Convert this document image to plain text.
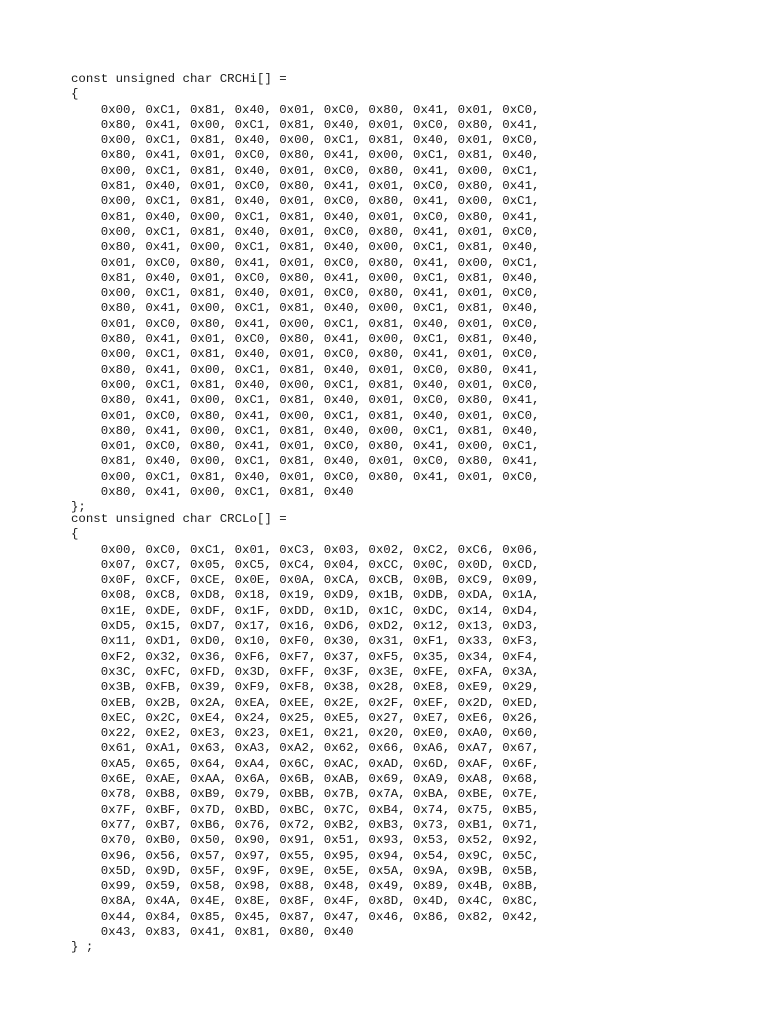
const unsigned char CRCHi[] =
{
0x00, 0xC1, 0x81, 0x40, 0x01, 0xC0, 0x80, 0x41, 0x01, 0xC0,
0x80, 0x41, 0x00, 0xC1, 0x81, 0x40, 0x01, 0xC0, 0x80, 0x41,
0x00, 0xC1, 0x81, 0x40, 0x00, 0xC1, 0x81, 0x40, 0x01, 0xC0,
0x80, 0x41, 0x01, 0xC0, 0x80, 0x41, 0x00, 0xC1, 0x81, 0x40,
0x00, 0xC1, 0x81, 0x40, 0x01, 0xC0, 0x80, 0x41, 0x00, 0xC1,
0x81, 0x40, 0x01, 0xC0, 0x80, 0x41, 0x01, 0xC0, 0x80, 0x41,
0x00, 0xC1, 0x81, 0x40, 0x01, 0xC0, 0x80, 0x41, 0x00, 0xC1,
0x81, 0x40, 0x00, 0xC1, 0x81, 0x40, 0x01, 0xC0, 0x80, 0x41,
0x00, 0xC1, 0x81, 0x40, 0x01, 0xC0, 0x80, 0x41, 0x01, 0xC0,
0x80, 0x41, 0x00, 0xC1, 0x81, 0x40, 0x00, 0xC1, 0x81, 0x40,
0x01, 0xC0, 0x80, 0x41, 0x01, 0xC0, 0x80, 0x41, 0x00, 0xC1,
0x81, 0x40, 0x01, 0xC0, 0x80, 0x41, 0x00, 0xC1, 0x81, 0x40,
0x00, 0xC1, 0x81, 0x40, 0x01, 0xC0, 0x80, 0x41, 0x01, 0xC0,
0x80, 0x41, 0x00, 0xC1, 0x81, 0x40, 0x00, 0xC1, 0x81, 0x40,
0x01, 0xC0, 0x80, 0x41, 0x00, 0xC1, 0x81, 0x40, 0x01, 0xC0,
0x80, 0x41, 0x01, 0xC0, 0x80, 0x41, 0x00, 0xC1, 0x81, 0x40,
0x00, 0xC1, 0x81, 0x40, 0x01, 0xC0, 0x80, 0x41, 0x01, 0xC0,
0x80, 0x41, 0x00, 0xC1, 0x81, 0x40, 0x01, 0xC0, 0x80, 0x41,
0x00, 0xC1, 0x81, 0x40, 0x00, 0xC1, 0x81, 0x40, 0x01, 0xC0,
0x80, 0x41, 0x00, 0xC1, 0x81, 0x40, 0x01, 0xC0, 0x80, 0x41,
0x01, 0xC0, 0x80, 0x41, 0x00, 0xC1, 0x81, 0x40, 0x01, 0xC0,
0x80, 0x41, 0x00, 0xC1, 0x81, 0x40, 0x00, 0xC1, 0x81, 0x40,
0x01, 0xC0, 0x80, 0x41, 0x01, 0xC0, 0x80, 0x41, 0x00, 0xC1,
0x81, 0x40, 0x00, 0xC1, 0x81, 0x40, 0x01, 0xC0, 0x80, 0x41,
0x00, 0xC1, 0x81, 0x40, 0x01, 0xC0, 0x80, 0x41, 0x01, 0xC0,
0x80, 0x41, 0x00, 0xC1, 0x81, 0x40
};
const unsigned char CRCLo[] =
{
0x00, 0xC0, 0xC1, 0x01, 0xC3, 0x03, 0x02, 0xC2, 0xC6, 0x06,
0x07, 0xC7, 0x05, 0xC5, 0xC4, 0x04, 0xCC, 0x0C, 0x0D, 0xCD,
0x0F, 0xCF, 0xCE, 0x0E, 0x0A, 0xCA, 0xCB, 0x0B, 0xC9, 0x09,
0x08, 0xC8, 0xD8, 0x18, 0x19, 0xD9, 0x1B, 0xDB, 0xDA, 0x1A,
0x1E, 0xDE, 0xDF, 0x1F, 0xDD, 0x1D, 0x1C, 0xDC, 0x14, 0xD4,
0xD5, 0x15, 0xD7, 0x17, 0x16, 0xD6, 0xD2, 0x12, 0x13, 0xD3,
0x11, 0xD1, 0xD0, 0x10, 0xF0, 0x30, 0x31, 0xF1, 0x33, 0xF3,
0xF2, 0x32, 0x36, 0xF6, 0xF7, 0x37, 0xF5, 0x35, 0x34, 0xF4,
0x3C, 0xFC, 0xFD, 0x3D, 0xFF, 0x3F, 0x3E, 0xFE, 0xFA, 0x3A,
0x3B, 0xFB, 0x39, 0xF9, 0xF8, 0x38, 0x28, 0xE8, 0xE9, 0x29,
0xEB, 0x2B, 0x2A, 0xEA, 0xEE, 0x2E, 0x2F, 0xEF, 0x2D, 0xED,
0xEC, 0x2C, 0xE4, 0x24, 0x25, 0xE5, 0x27, 0xE7, 0xE6, 0x26,
0x22, 0xE2, 0xE3, 0x23, 0xE1, 0x21, 0x20, 0xE0, 0xA0, 0x60,
0x61, 0xA1, 0x63, 0xA3, 0xA2, 0x62, 0x66, 0xA6, 0xA7, 0x67,
0xA5, 0x65, 0x64, 0xA4, 0x6C, 0xAC, 0xAD, 0x6D, 0xAF, 0x6F,
0x6E, 0xAE, 0xAA, 0x6A, 0x6B, 0xAB, 0x69, 0xA9, 0xA8, 0x68,
0x78, 0xB8, 0xB9, 0x79, 0xBB, 0x7B, 0x7A, 0xBA, 0xBE, 0x7E,
0x7F, 0xBF, 0x7D, 0xBD, 0xBC, 0x7C, 0xB4, 0x74, 0x75, 0xB5,
0x77, 0xB7, 0xB6, 0x76, 0x72, 0xB2, 0xB3, 0x73, 0xB1, 0x71,
0x70, 0xB0, 0x50, 0x90, 0x91, 0x51, 0x93, 0x53, 0x52, 0x92,
0x96, 0x56, 0x57, 0x97, 0x55, 0x95, 0x94, 0x54, 0x9C, 0x5C,
0x5D, 0x9D, 0x5F, 0x9F, 0x9E, 0x5E, 0x5A, 0x9A, 0x9B, 0x5B,
0x99, 0x59, 0x58, 0x98, 0x88, 0x48, 0x49, 0x89, 0x4B, 0x8B,
0x8A, 0x4A, 0x4E, 0x8E, 0x8F, 0x4F, 0x8D, 0x4D, 0x4C, 0x8C,
0x44, 0x84, 0x85, 0x45, 0x87, 0x47, 0x46, 0x86, 0x82, 0x42,
0x43, 0x83, 0x41, 0x81, 0x80, 0x40
} ;
